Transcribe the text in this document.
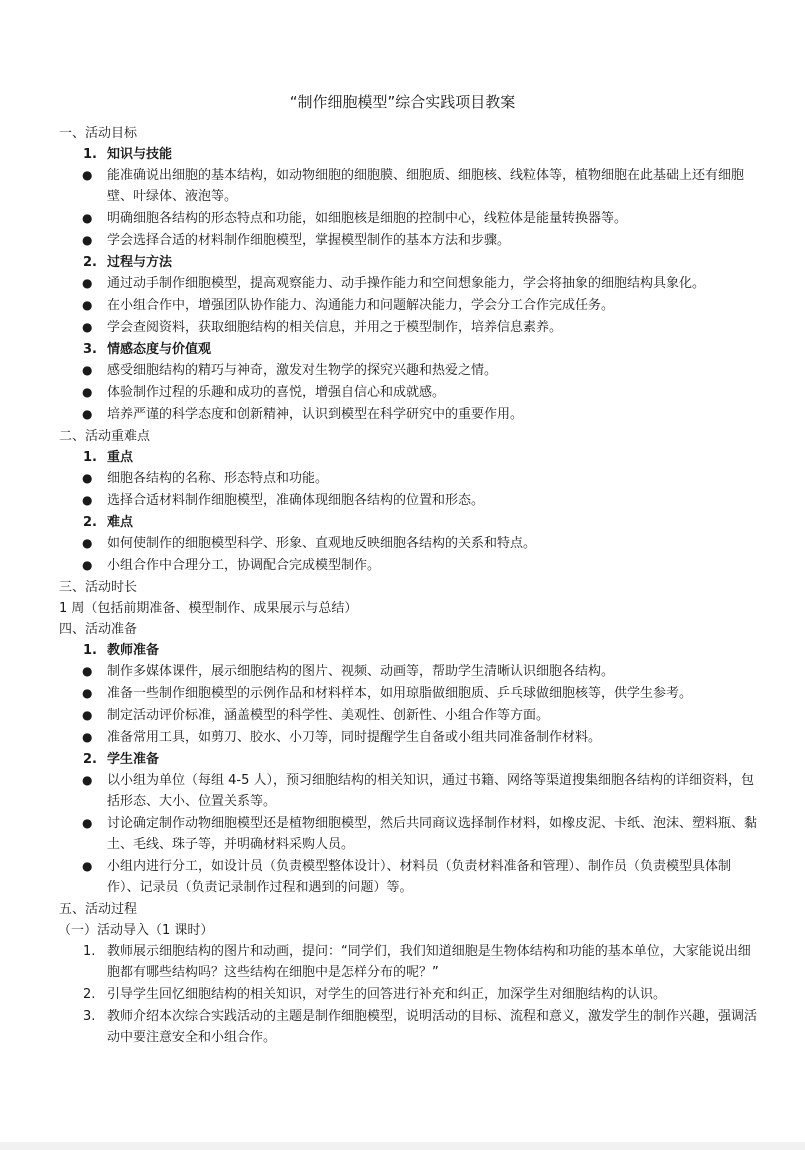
“制作细胞模型”综合实践项目教案

一、活动目标

1. 知识与技能
●	能准确说出细胞的基本结构，如动物细胞的细胞膜、细胞质、细胞核、线粒体等，植物细胞在此基础上还有细胞壁、叶绿体、液泡等。
●	明确细胞各结构的形态特点和功能，如细胞核是细胞的控制中心，线粒体是能量转换器等。
●	学会选择合适的材料制作细胞模型，掌握模型制作的基本方法和步骤。
2. 过程与方法
●	通过动手制作细胞模型，提高观察能力、动手操作能力和空间想象能力，学会将抽象的细胞结构具象化。
●	在小组合作中，增强团队协作能力、沟通能力和问题解决能力，学会分工合作完成任务。
●	学会查阅资料，获取细胞结构的相关信息，并用之于模型制作，培养信息素养。
3. 情感态度与价值观
●	感受细胞结构的精巧与神奇，激发对生物学的探究兴趣和热爱之情。
●	体验制作过程的乐趣和成功的喜悦，增强自信心和成就感。
●	培养严谨的科学态度和创新精神，认识到模型在科学研究中的重要作用。

二、活动重难点

1. 重点
●	细胞各结构的名称、形态特点和功能。
●	选择合适材料制作细胞模型，准确体现细胞各结构的位置和形态。
2. 难点
●	如何使制作的细胞模型科学、形象、直观地反映细胞各结构的关系和特点。
●	小组合作中合理分工，协调配合完成模型制作。

三、活动时长

1 周（包括前期准备、模型制作、成果展示与总结）

四、活动准备

1. 教师准备
●	制作多媒体课件，展示细胞结构的图片、视频、动画等，帮助学生清晰认识细胞各结构。
●	准备一些制作细胞模型的示例作品和材料样本，如用琼脂做细胞质、乒乓球做细胞核等，供学生参考。
●	制定活动评价标准，涵盖模型的科学性、美观性、创新性、小组合作等方面。
●	准备常用工具，如剪刀、胶水、小刀等，同时提醒学生自备或小组共同准备制作材料。
2. 学生准备
●	以小组为单位（每组 4-5 人），预习细胞结构的相关知识，通过书籍、网络等渠道搜集细胞各结构的详细资料，包括形态、大小、位置关系等。
●	讨论确定制作动物细胞模型还是植物细胞模型，然后共同商议选择制作材料，如橡皮泥、卡纸、泡沫、塑料瓶、黏土、毛线、珠子等，并明确材料采购人员。
●	小组内进行分工，如设计员（负责模型整体设计）、材料员（负责材料准备和管理）、制作员（负责模型具体制作）、记录员（负责记录制作过程和遇到的问题）等。

五、活动过程

（一）活动导入（1 课时）

1. 教师展示细胞结构的图片和动画，提问：“同学们，我们知道细胞是生物体结构和功能的基本单位，大家能说出细胞都有哪些结构吗？这些结构在细胞中是怎样分布的呢？”
2. 引导学生回忆细胞结构的相关知识，对学生的回答进行补充和纠正，加深学生对细胞结构的认识。
3. 教师介绍本次综合实践活动的主题是制作细胞模型，说明活动的目标、流程和意义，激发学生的制作兴趣，强调活动中要注意安全和小组合作。
